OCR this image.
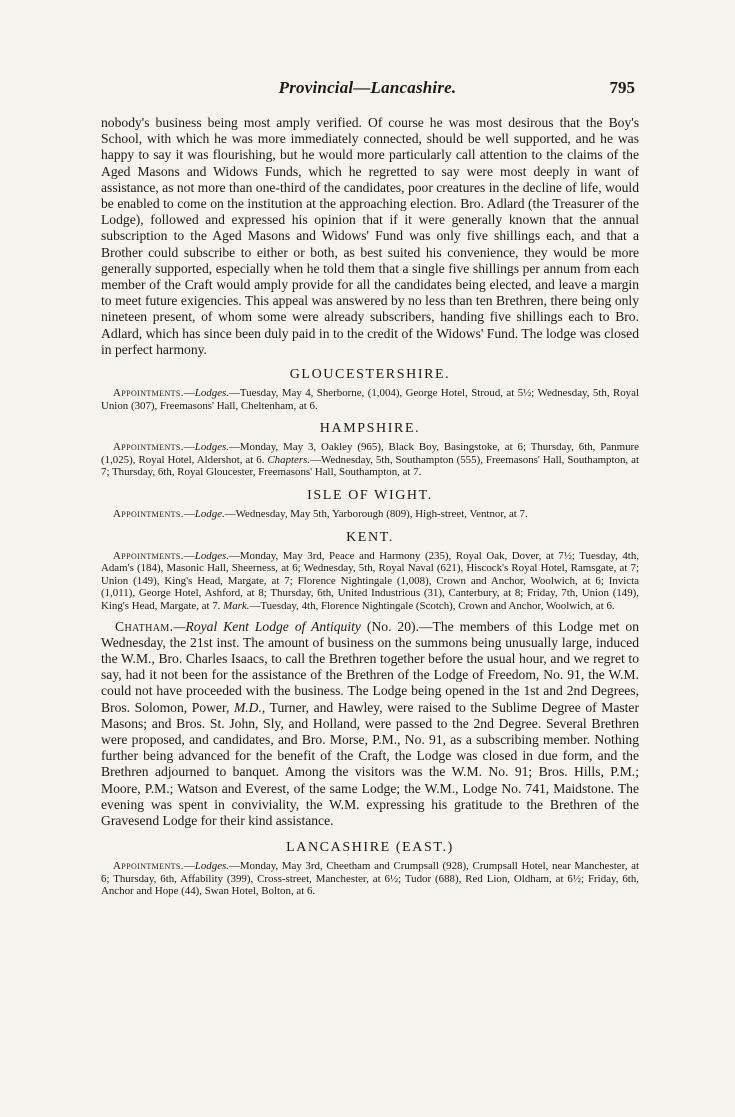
Provincial—Lancashire.	795

nobody's business being most amply verified. Of course he was most desirous that the Boy's School, with which he was more immediately connected, should be well supported, and he was happy to say it was flourishing, but he would more particularly call attention to the claims of the Aged Masons and Widows Funds, which he regretted to say were most deeply in want of assistance, as not more than one-third of the candidates, poor creatures in the decline of life, would be enabled to come on the institution at the approaching election. Bro. Adlard (the Treasurer of the Lodge), followed and expressed his opinion that if it were generally known that the annual subscription to the Aged Masons and Widows' Fund was only five shillings each, and that a Brother could subscribe to either or both, as best suited his convenience, they would be more generally supported, especially when he told them that a single five shillings per annum from each member of the Craft would amply provide for all the candidates being elected, and leave a margin to meet future exigencies. This appeal was answered by no less than ten Brethren, there being only nineteen present, of whom some were already subscribers, handing five shillings each to Bro. Adlard, which has since been duly paid in to the credit of the Widows' Fund. The lodge was closed in perfect harmony.

GLOUCESTERSHIRE.

Appointments.—Lodges.—Tuesday, May 4, Sherborne, (1,004), George Hotel, Stroud, at 5½; Wednesday, 5th, Royal Union (307), Freemasons' Hall, Cheltenham, at 6.

HAMPSHIRE.

Appointments.—Lodges.—Monday, May 3, Oakley (965), Black Boy, Basingstoke, at 6; Thursday, 6th, Panmure (1,025), Royal Hotel, Aldershot, at 6. Chapters.—Wednesday, 5th, Southampton (555), Freemasons' Hall, Southampton, at 7; Thursday, 6th, Royal Gloucester, Freemasons' Hall, Southampton, at 7.

ISLE OF WIGHT.

Appointments.—Lodge.—Wednesday, May 5th, Yarborough (809), High-street, Ventnor, at 7.

KENT.

Appointments.—Lodges.—Monday, May 3rd, Peace and Harmony (235), Royal Oak, Dover, at 7½; Tuesday, 4th, Adam's (184), Masonic Hall, Sheerness, at 6; Wednesday, 5th, Royal Naval (621), Hiscock's Royal Hotel, Ramsgate, at 7; Union (149), King's Head, Margate, at 7; Florence Nightingale (1,008), Crown and Anchor, Woolwich, at 6; Invicta (1,011), George Hotel, Ashford, at 8; Thursday, 6th, United Industrious (31), Canterbury, at 8; Friday, 7th, Union (149), King's Head, Margate, at 7. Mark.—Tuesday, 4th, Florence Nightingale (Scotch), Crown and Anchor, Woolwich, at 6.

Chatham.—Royal Kent Lodge of Antiquity (No. 20).—The members of this Lodge met on Wednesday, the 21st inst. The amount of business on the summons being unusually large, induced the W.M., Bro. Charles Isaacs, to call the Brethren together before the usual hour, and we regret to say, had it not been for the assistance of the Brethren of the Lodge of Freedom, No. 91, the W.M. could not have proceeded with the business. The Lodge being opened in the 1st and 2nd Degrees, Bros. Solomon, Power, M.D., Turner, and Hawley, were raised to the Sublime Degree of Master Masons; and Bros. St. John, Sly, and Holland, were passed to the 2nd Degree. Several Brethren were proposed, and candidates, and Bro. Morse, P.M., No. 91, as a subscribing member. Nothing further being advanced for the benefit of the Craft, the Lodge was closed in due form, and the Brethren adjourned to banquet. Among the visitors was the W.M. No. 91; Bros. Hills, P.M.; Moore, P.M.; Watson and Everest, of the same Lodge; the W.M., Lodge No. 741, Maidstone. The evening was spent in conviviality, the W.M. expressing his gratitude to the Brethren of the Gravesend Lodge for their kind assistance.

LANCASHIRE (EAST.)

Appointments.—Lodges.—Monday, May 3rd, Cheetham and Crumpsall (928), Crumpsall Hotel, near Manchester, at 6; Thursday, 6th, Affability (399), Cross-street, Manchester, at 6½; Tudor (688), Red Lion, Oldham, at 6½; Friday, 6th, Anchor and Hope (44), Swan Hotel, Bolton, at 6.
